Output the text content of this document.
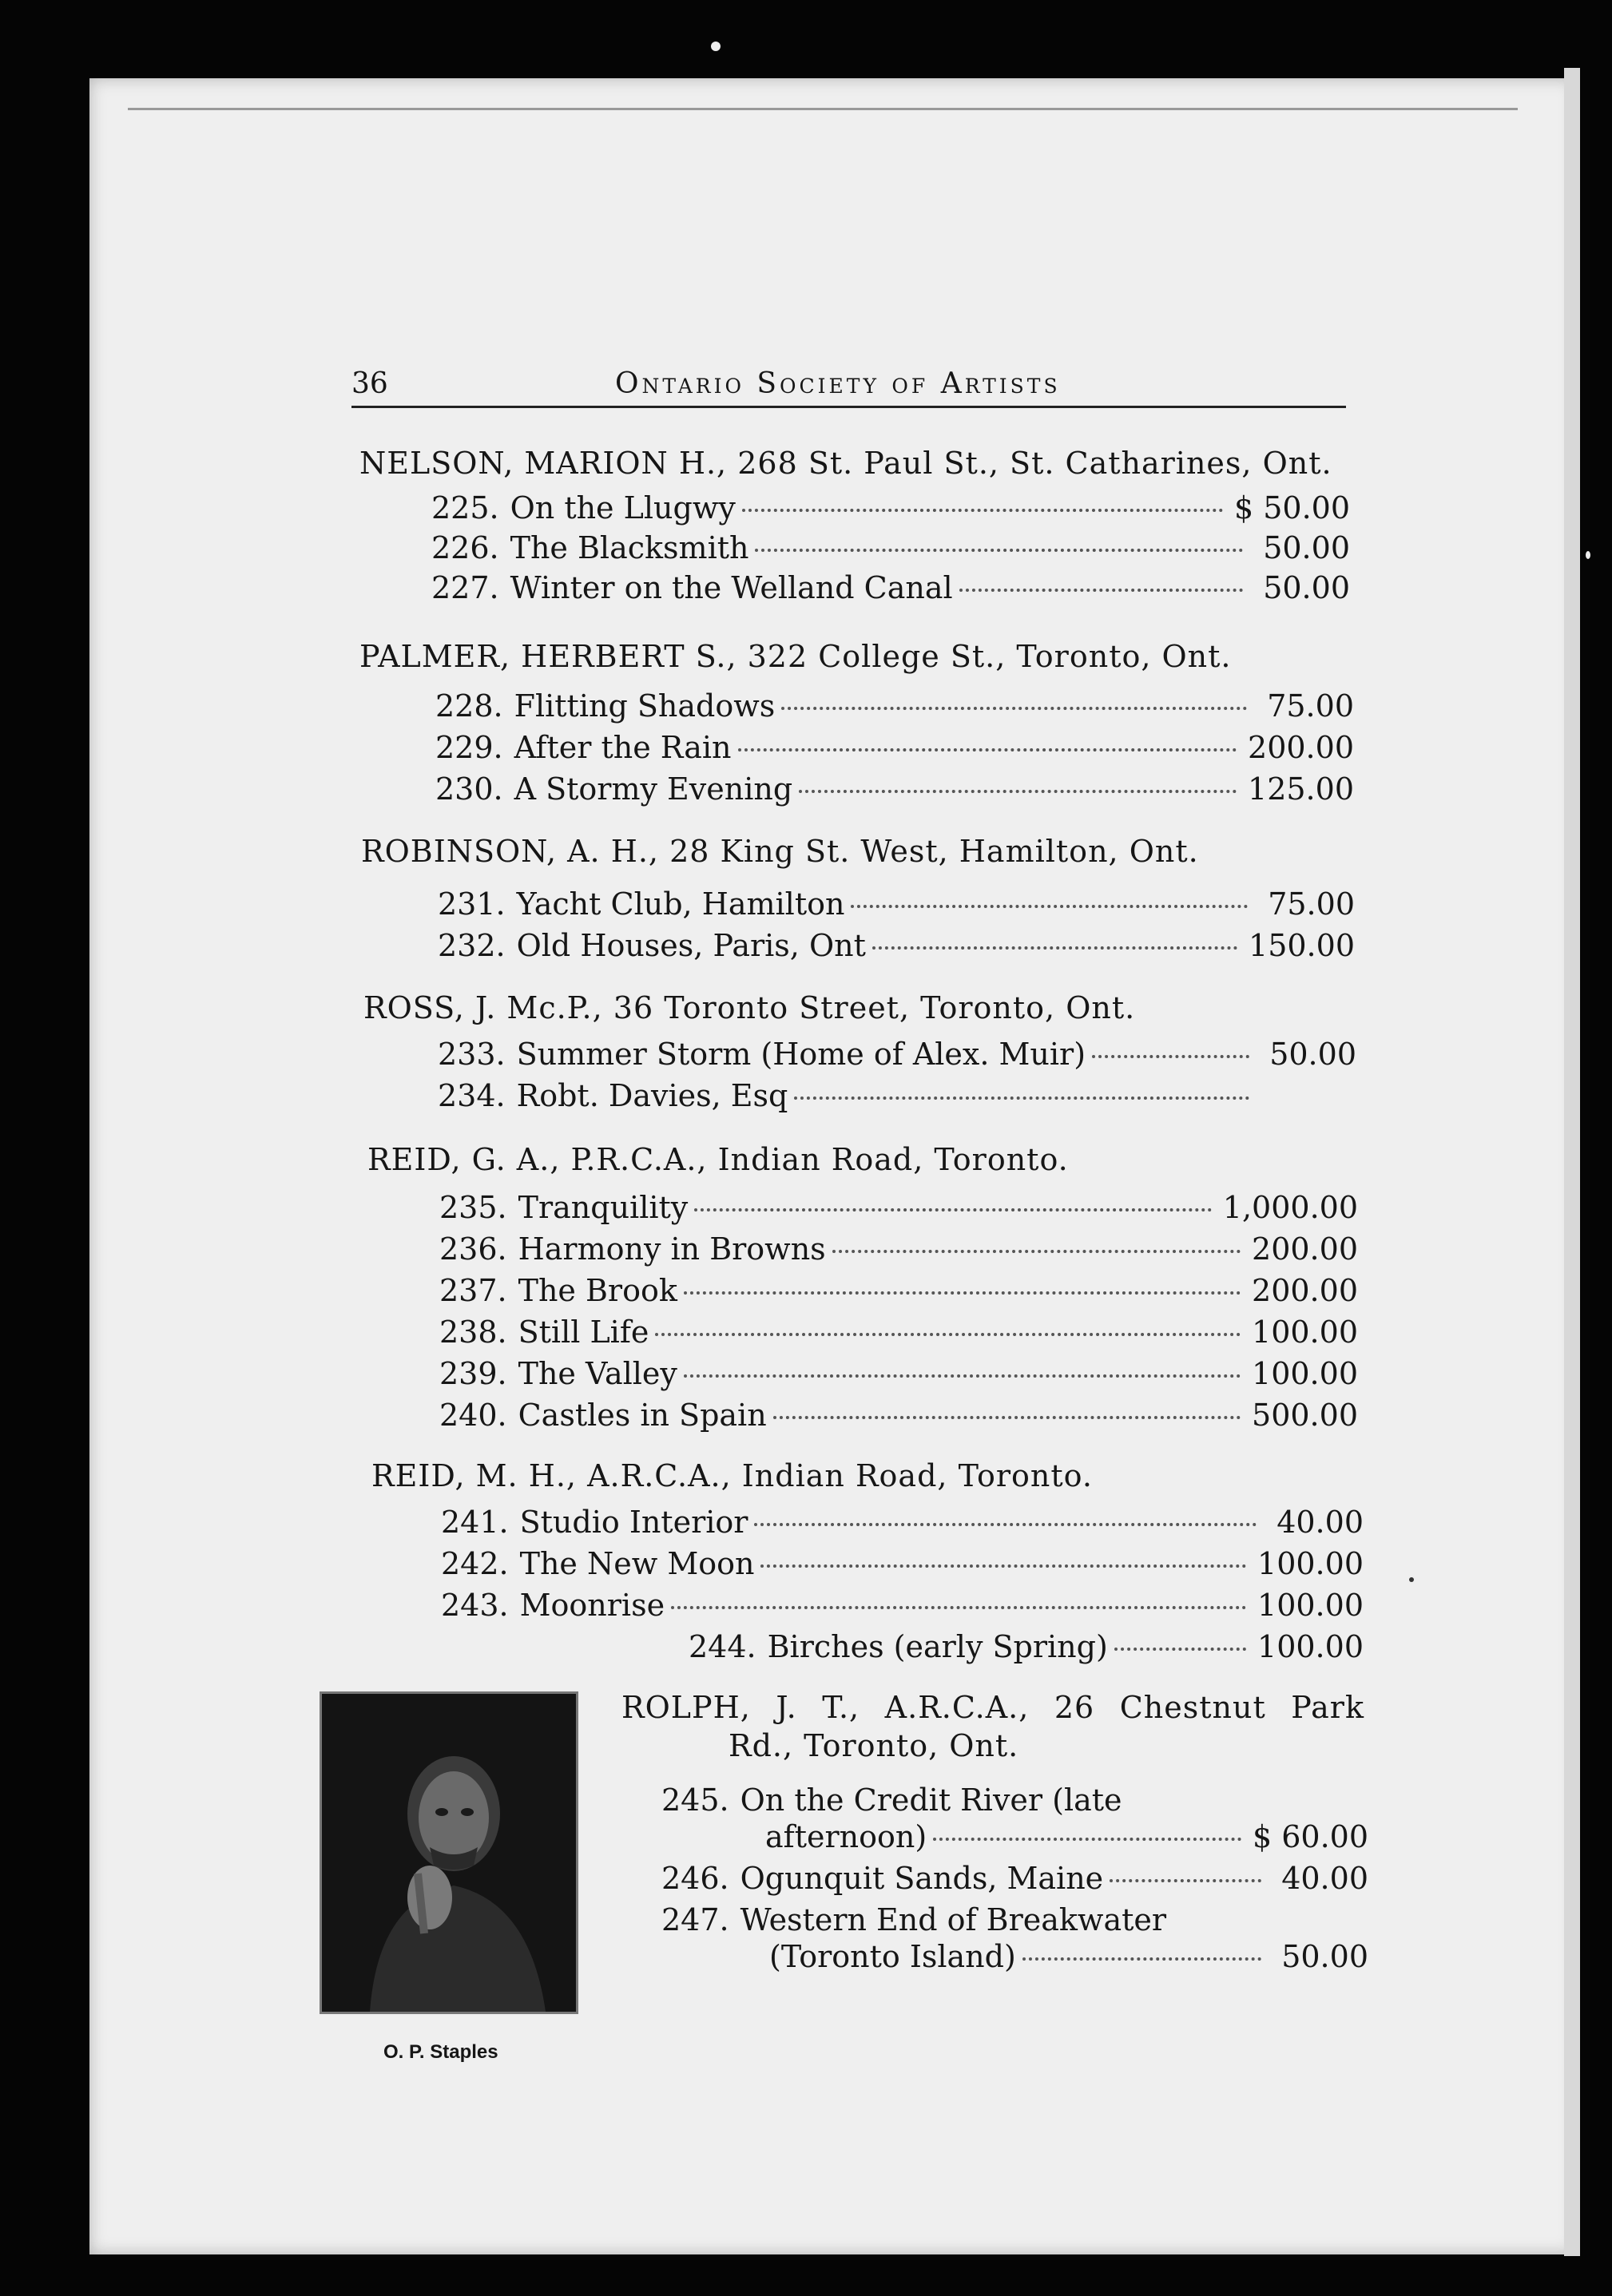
36	Ontario Society of Artists
NELSON, MARION H., 268 St. Paul St., St. Catharines, Ont.
225. On the Llugwy	$ 50.00
226. The Blacksmith	50.00
227. Winter on the Welland Canal	50.00
PALMER, HERBERT S., 322 College St., Toronto, Ont.
228. Flitting Shadows	75.00
229. After the Rain	200.00
230. A Stormy Evening	125.00
ROBINSON, A. H., 28 King St. West, Hamilton, Ont.
231. Yacht Club, Hamilton	75.00
232. Old Houses, Paris, Ont	150.00
ROSS, J. Mc.P., 36 Toronto Street, Toronto, Ont.
233. Summer Storm (Home of Alex. Muir)	50.00
234. Robt. Davies, Esq
REID, G. A., P.R.C.A., Indian Road, Toronto.
235. Tranquility	1,000.00
236. Harmony in Browns	200.00
237. The Brook	200.00
238. Still Life	100.00
239. The Valley	100.00
240. Castles in Spain	500.00
REID, M. H., A.R.C.A., Indian Road, Toronto.
241. Studio Interior	40.00
242. The New Moon	100.00
243. Moonrise	100.00
244. Birches (early Spring)	100.00
O. P. Staples
ROLPH, J. T., A.R.C.A., 26 Chestnut Park
Rd., Toronto, Ont.
245. On the Credit River (late
afternoon)	$ 60.00
246. Ogunquit Sands, Maine	40.00
247. Western End of Breakwater
(Toronto Island)	50.00
